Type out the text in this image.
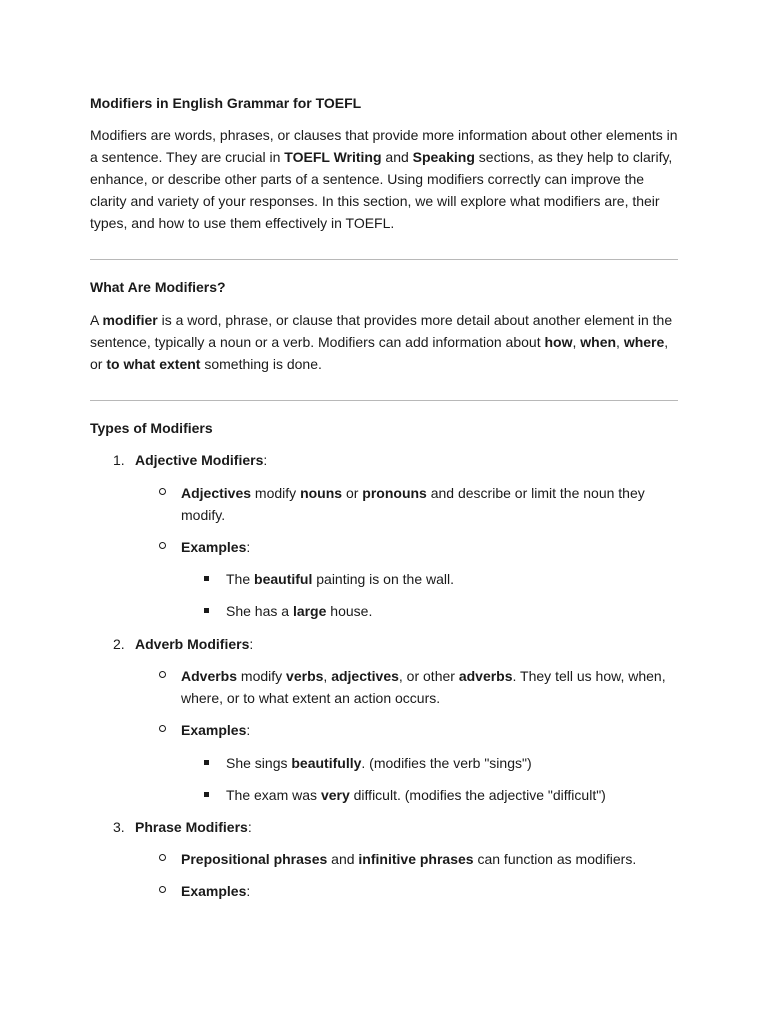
Modifiers in English Grammar for TOEFL

Modifiers are words, phrases, or clauses that provide more information about other elements in a sentence. They are crucial in TOEFL Writing and Speaking sections, as they help to clarify, enhance, or describe other parts of a sentence. Using modifiers correctly can improve the clarity and variety of your responses. In this section, we will explore what modifiers are, their types, and how to use them effectively in TOEFL.

What Are Modifiers?

A modifier is a word, phrase, or clause that provides more detail about another element in the sentence, typically a noun or a verb. Modifiers can add information about how, when, where, or to what extent something is done.

Types of Modifiers
1. Adjective Modifiers:
Adjectives modify nouns or pronouns and describe or limit the noun they modify.
Examples:
The beautiful painting is on the wall.
She has a large house.
2. Adverb Modifiers:
Adverbs modify verbs, adjectives, or other adverbs. They tell us how, when, where, or to what extent an action occurs.
Examples:
She sings beautifully. (modifies the verb "sings")
The exam was very difficult. (modifies the adjective "difficult")
3. Phrase Modifiers:
Prepositional phrases and infinitive phrases can function as modifiers.
Examples:
